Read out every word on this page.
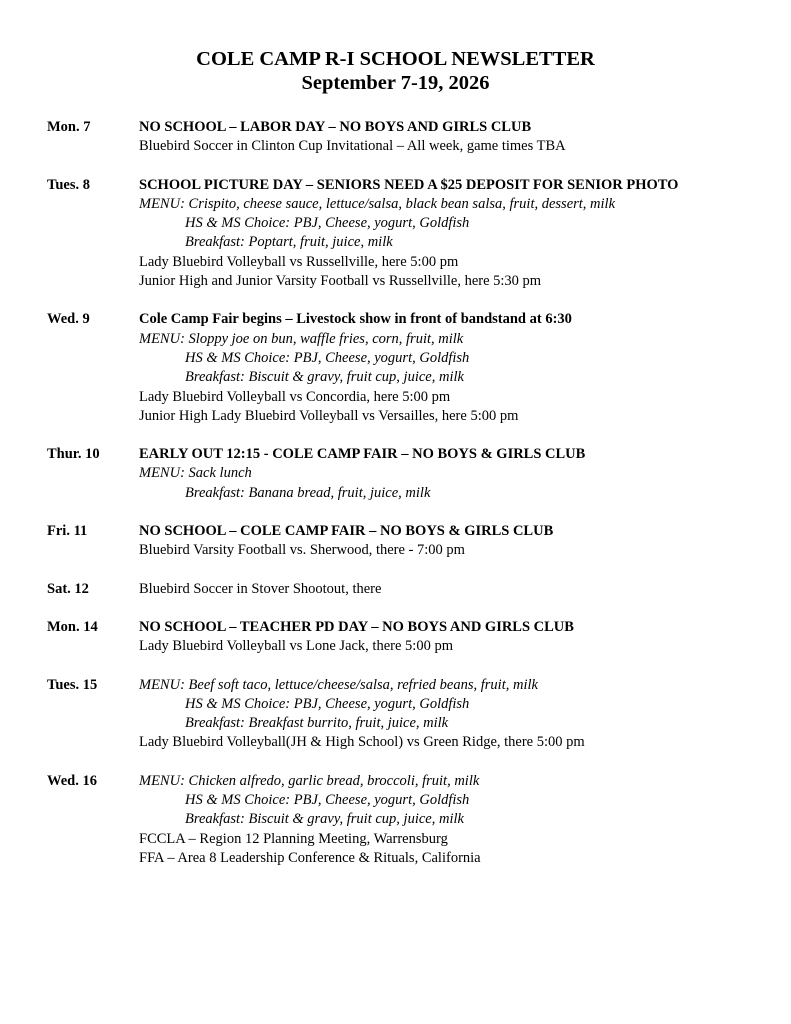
COLE CAMP R-I SCHOOL NEWSLETTER
September 7-19, 2026
Mon. 7	NO SCHOOL – LABOR DAY – NO BOYS AND GIRLS CLUB
Bluebird Soccer in Clinton Cup Invitational – All week, game times TBA
Tues. 8	SCHOOL PICTURE DAY – SENIORS NEED A $25 DEPOSIT FOR SENIOR PHOTO
MENU: Crispito, cheese sauce, lettuce/salsa, black bean salsa, fruit, dessert, milk
HS & MS Choice: PBJ, Cheese, yogurt, Goldfish
Breakfast: Poptart, fruit, juice, milk
Lady Bluebird Volleyball vs Russellville, here 5:00 pm
Junior High and Junior Varsity Football vs Russellville, here 5:30 pm
Wed. 9	Cole Camp Fair begins – Livestock show in front of bandstand at 6:30
MENU: Sloppy joe on bun, waffle fries, corn, fruit, milk
HS & MS Choice: PBJ, Cheese, yogurt, Goldfish
Breakfast: Biscuit & gravy, fruit cup, juice, milk
Lady Bluebird Volleyball vs Concordia, here 5:00 pm
Junior High Lady Bluebird Volleyball vs Versailles, here 5:00 pm
Thur. 10	EARLY OUT 12:15 - COLE CAMP FAIR – NO BOYS & GIRLS CLUB
MENU: Sack lunch
Breakfast: Banana bread, fruit, juice, milk
Fri. 11	NO SCHOOL – COLE CAMP FAIR – NO BOYS & GIRLS CLUB
Bluebird Varsity Football vs. Sherwood, there - 7:00 pm
Sat. 12	Bluebird Soccer in Stover Shootout, there
Mon. 14	NO SCHOOL – TEACHER PD DAY – NO BOYS AND GIRLS CLUB
Lady Bluebird Volleyball vs Lone Jack, there 5:00 pm
Tues. 15	MENU: Beef soft taco, lettuce/cheese/salsa, refried beans, fruit, milk
HS & MS Choice: PBJ, Cheese, yogurt, Goldfish
Breakfast: Breakfast burrito, fruit, juice, milk
Lady Bluebird Volleyball(JH & High School) vs Green Ridge, there 5:00 pm
Wed. 16	MENU: Chicken alfredo, garlic bread, broccoli, fruit, milk
HS & MS Choice: PBJ, Cheese, yogurt, Goldfish
Breakfast: Biscuit & gravy, fruit cup, juice, milk
FCCLA – Region 12 Planning Meeting, Warrensburg
FFA – Area 8 Leadership Conference & Rituals, California
